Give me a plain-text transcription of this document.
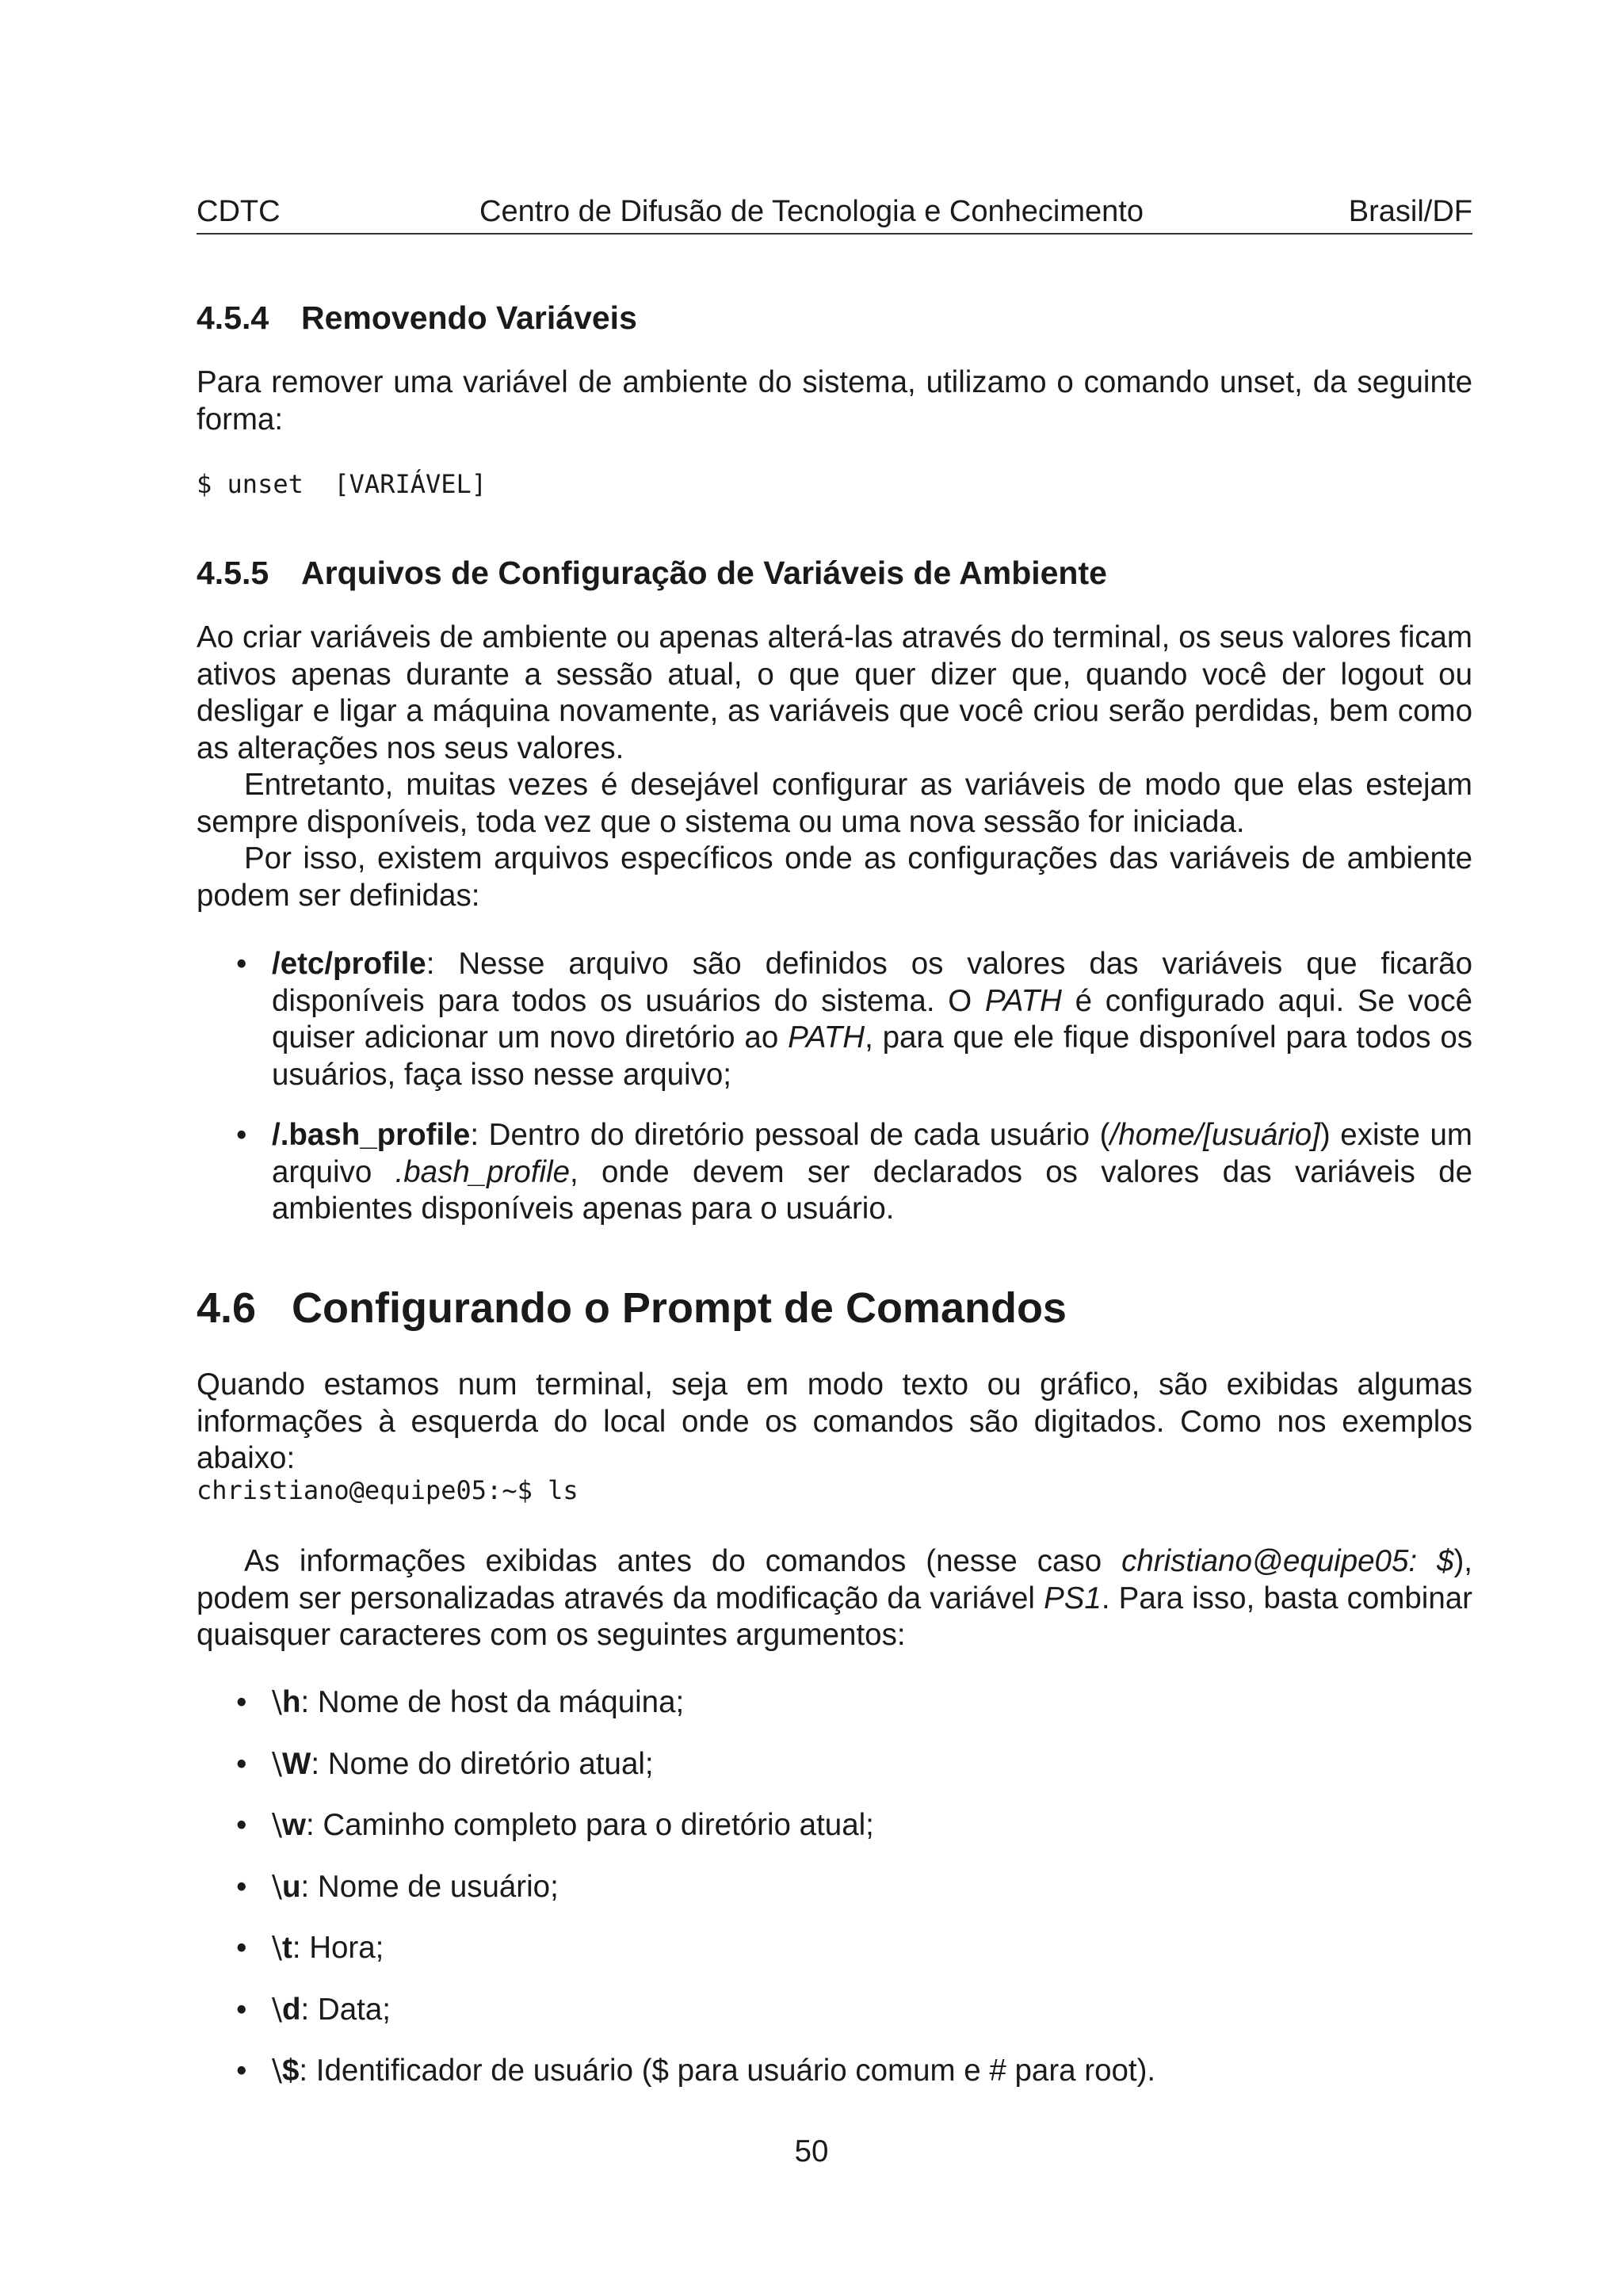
CDTC	Centro de Difusão de Tecnologia e Conhecimento	Brasil/DF
4.5.4 Removendo Variáveis
Para remover uma variável de ambiente do sistema, utilizamo o comando unset, da seguinte forma:
$ unset  [VARIÁVEL]
4.5.5 Arquivos de Configuração de Variáveis de Ambiente
Ao criar variáveis de ambiente ou apenas alterá-las através do terminal, os seus valores ficam ativos apenas durante a sessão atual, o que quer dizer que, quando você der logout ou desligar e ligar a máquina novamente, as variáveis que você criou serão perdidas, bem como as alterações nos seus valores.
Entretanto, muitas vezes é desejável configurar as variáveis de modo que elas estejam sempre disponíveis, toda vez que o sistema ou uma nova sessão for iniciada.
Por isso, existem arquivos específicos onde as configurações das variáveis de ambiente podem ser definidas:
• /etc/profile: Nesse arquivo são definidos os valores das variáveis que ficarão disponíveis para todos os usuários do sistema. O PATH é configurado aqui. Se você quiser adicionar um novo diretório ao PATH, para que ele fique disponível para todos os usuários, faça isso nesse arquivo;
• /.bash_profile: Dentro do diretório pessoal de cada usuário (/home/[usuário]) existe um arquivo .bash_profile, onde devem ser declarados os valores das variáveis de ambientes disponíveis apenas para o usuário.
4.6 Configurando o Prompt de Comandos
Quando estamos num terminal, seja em modo texto ou gráfico, são exibidas algumas informações à esquerda do local onde os comandos são digitados. Como nos exemplos abaixo:
christiano@equipe05:~$ ls
As informações exibidas antes do comandos (nesse caso christiano@equipe05: $), podem ser personalizadas através da modificação da variável PS1. Para isso, basta combinar quaisquer caracteres com os seguintes argumentos:
• \h: Nome de host da máquina;
• \W: Nome do diretório atual;
• \w: Caminho completo para o diretório atual;
• \u: Nome de usuário;
• \t: Hora;
• \d: Data;
• \$: Identificador de usuário ($ para usuário comum e # para root).
50
